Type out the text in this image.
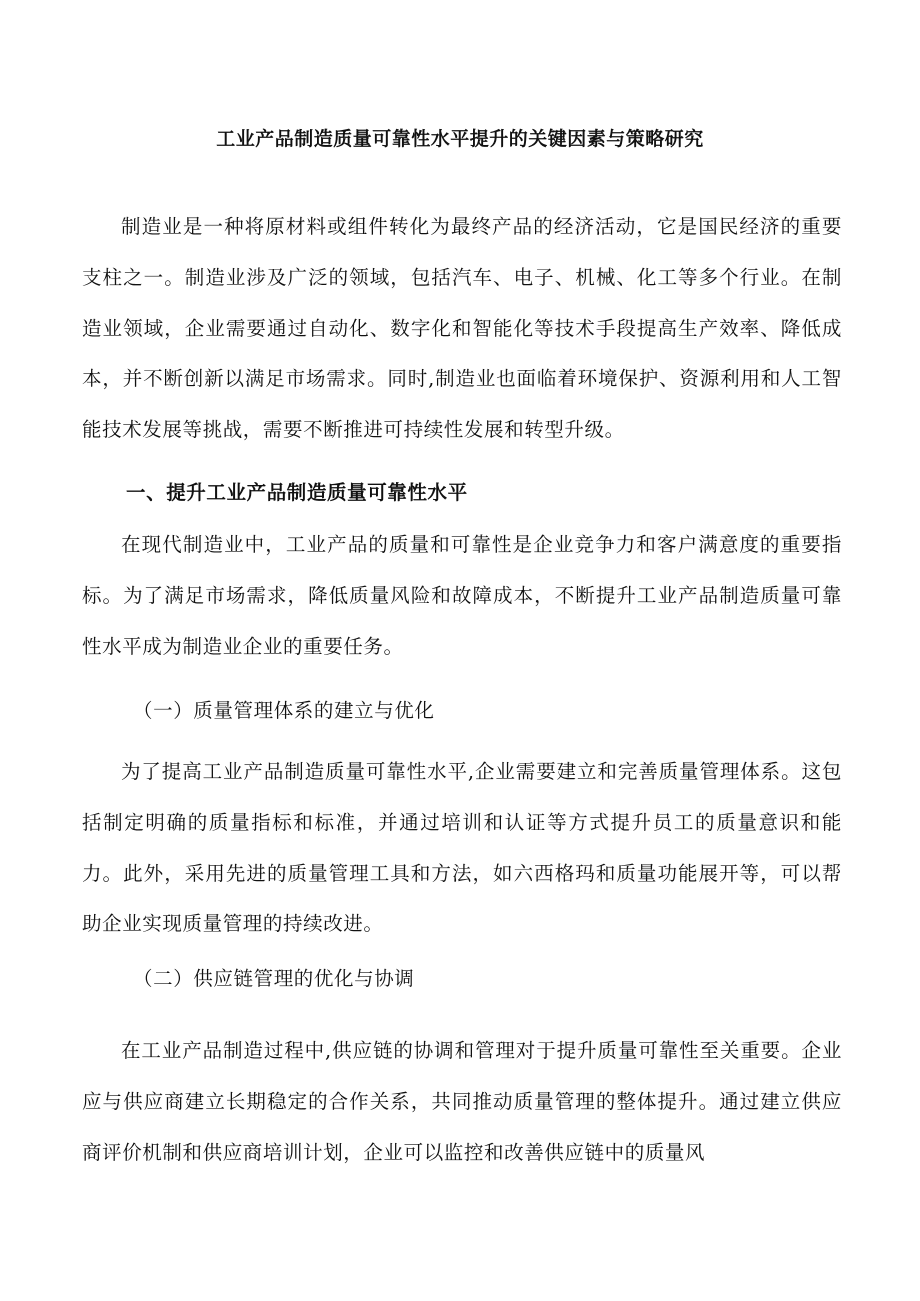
工业产品制造质量可靠性水平提升的关键因素与策略研究

制造业是一种将原材料或组件转化为最终产品的经济活动，它是国民经济的重要支柱之一。制造业涉及广泛的领域，包括汽车、电子、机械、化工等多个行业。在制造业领域，企业需要通过自动化、数字化和智能化等技术手段提高生产效率、降低成本，并不断创新以满足市场需求。同时,制造业也面临着环境保护、资源利用和人工智能技术发展等挑战，需要不断推进可持续性发展和转型升级。

一、提升工业产品制造质量可靠性水平

在现代制造业中，工业产品的质量和可靠性是企业竞争力和客户满意度的重要指标。为了满足市场需求，降低质量风险和故障成本，不断提升工业产品制造质量可靠性水平成为制造业企业的重要任务。

（一）质量管理体系的建立与优化

为了提高工业产品制造质量可靠性水平,企业需要建立和完善质量管理体系。这包括制定明确的质量指标和标准，并通过培训和认证等方式提升员工的质量意识和能力。此外，采用先进的质量管理工具和方法，如六西格玛和质量功能展开等，可以帮助企业实现质量管理的持续改进。

（二）供应链管理的优化与协调

在工业产品制造过程中,供应链的协调和管理对于提升质量可靠性至关重要。企业应与供应商建立长期稳定的合作关系，共同推动质量管理的整体提升。通过建立供应商评价机制和供应商培训计划，企业可以监控和改善供应链中的质量风
